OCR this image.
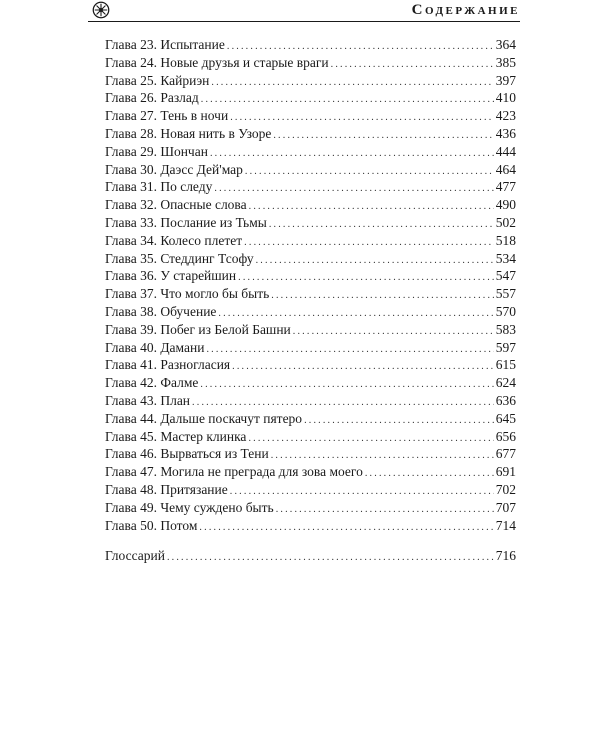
Содержание
Глава 23. Испытание .....	364
Глава 24. Новые друзья и старые враги .....	385
Глава 25. Кайриэн .....	397
Глава 26. Разлад .....	410
Глава 27. Тень в ночи .....	423
Глава 28. Новая нить в Узоре .....	436
Глава 29. Шончан .....	444
Глава 30. Даэсс Дей'мар .....	464
Глава 31. По следу .....	477
Глава 32. Опасные слова .....	490
Глава 33. Послание из Тьмы .....	502
Глава 34. Колесо плетет .....	518
Глава 35. Стеддинг Тсофу .....	534
Глава 36. У старейшин .....	547
Глава 37. Что могло бы быть .....	557
Глава 38. Обучение .....	570
Глава 39. Побег из Белой Башни .....	583
Глава 40. Дамани .....	597
Глава 41. Разногласия .....	615
Глава 42. Фалме .....	624
Глава 43. План .....	636
Глава 44. Дальше поскачут пятеро .....	645
Глава 45. Мастер клинка .....	656
Глава 46. Вырваться из Тени .....	677
Глава 47. Могила не преграда для зова моего .....	691
Глава 48. Притязание .....	702
Глава 49. Чему суждено быть .....	707
Глава 50. Потом .....	714
Глоссарий .....	716
